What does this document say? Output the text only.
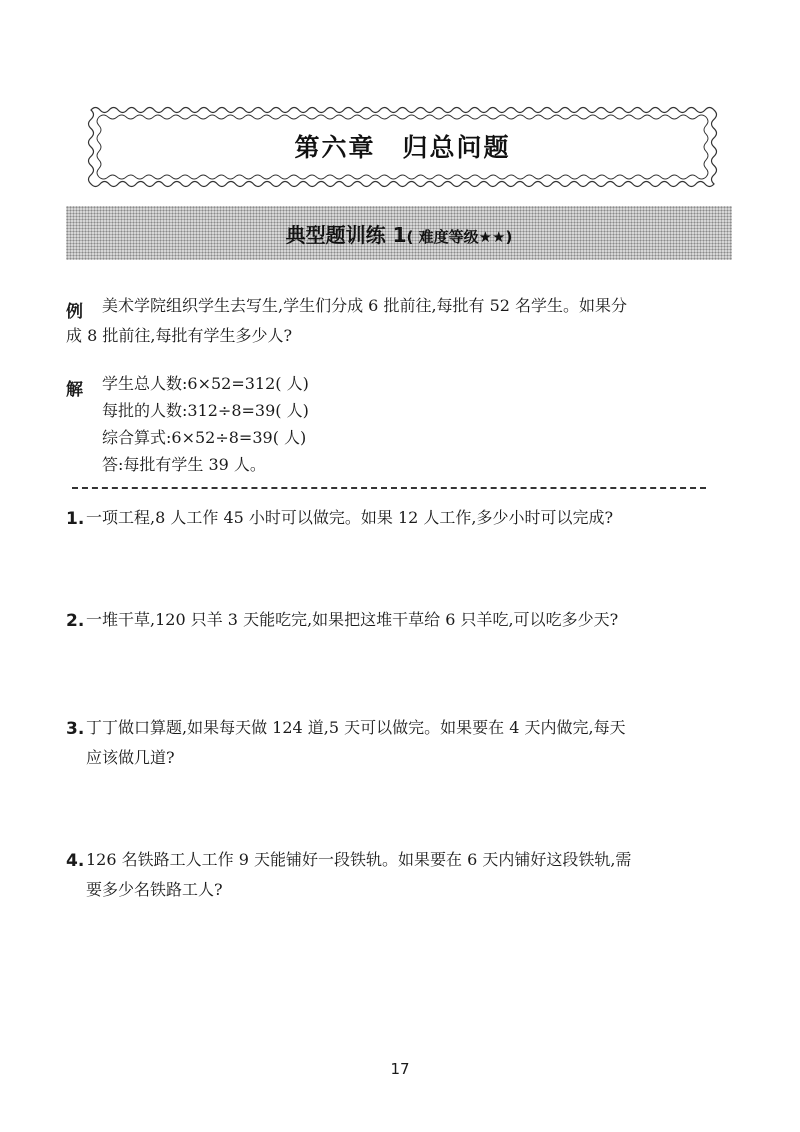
第六章　归总问题
典型题训练 1( 难度等级★★)
例 美术学院组织学生去写生,学生们分成 6 批前往,每批有 52 名学生。如果分
成 8 批前往,每批有学生多少人?
解 学生总人数:6×52=312( 人)
每批的人数:312÷8=39( 人)
综合算式:6×52÷8=39( 人)
答:每批有学生 39 人。
1. 一项工程,8 人工作 45 小时可以做完。如果 12 人工作,多少小时可以完成?
2. 一堆干草,120 只羊 3 天能吃完,如果把这堆干草给 6 只羊吃,可以吃多少天?
3. 丁丁做口算题,如果每天做 124 道,5 天可以做完。如果要在 4 天内做完,每天
应该做几道?
4. 126 名铁路工人工作 9 天能铺好一段铁轨。如果要在 6 天内铺好这段铁轨,需
要多少名铁路工人?
17
